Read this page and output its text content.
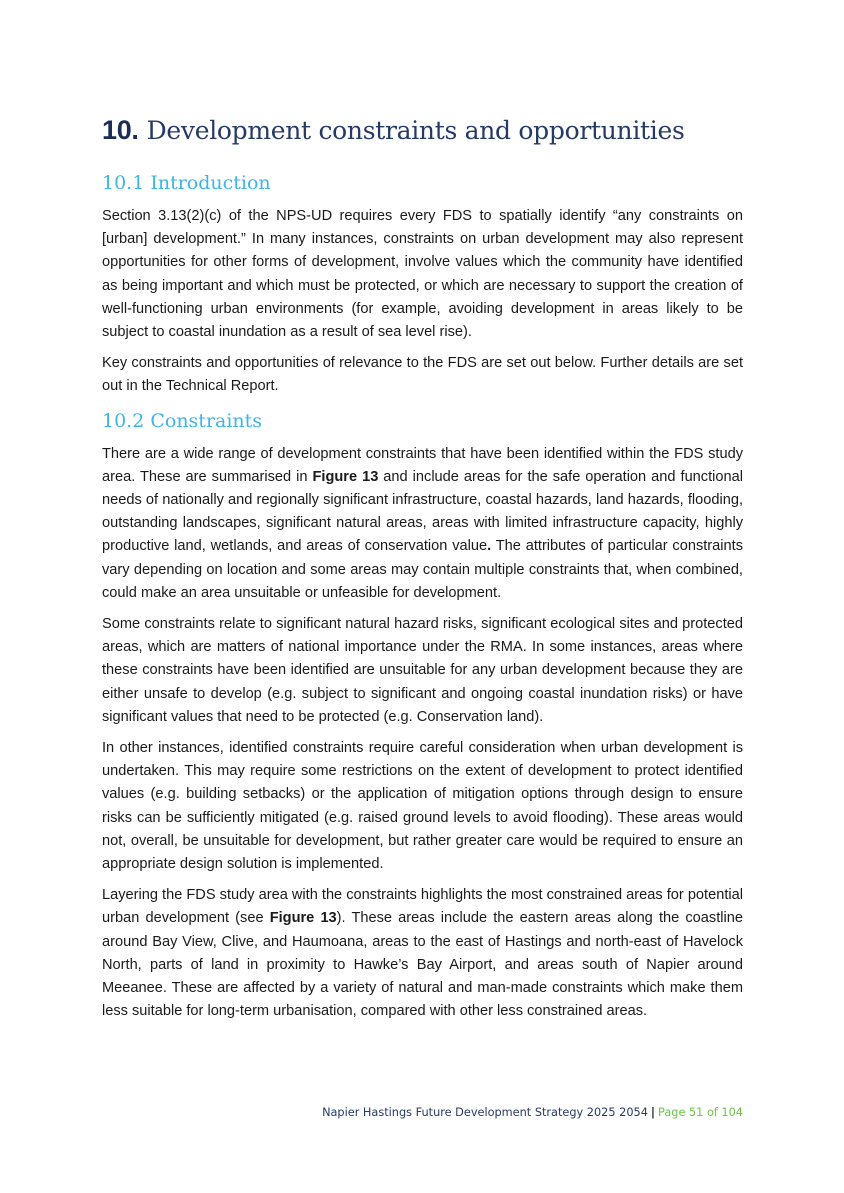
10. Development constraints and opportunities
10.1 Introduction

Section 3.13(2)(c) of the NPS-UD requires every FDS to spatially identify “any constraints on [urban] development.” In many instances, constraints on urban development may also represent opportunities for other forms of development, involve values which the community have identified as being important and which must be protected, or which are necessary to support the creation of well-functioning urban environments (for example, avoiding development in areas likely to be subject to coastal inundation as a result of sea level rise).

Key constraints and opportunities of relevance to the FDS are set out below. Further details are set out in the Technical Report.

10.2 Constraints

There are a wide range of development constraints that have been identified within the FDS study area. These are summarised in Figure 13 and include areas for the safe operation and functional needs of nationally and regionally significant infrastructure, coastal hazards, land hazards, flooding, outstanding landscapes, significant natural areas, areas with limited infrastructure capacity, highly productive land, wetlands, and areas of conservation value. The attributes of particular constraints vary depending on location and some areas may contain multiple constraints that, when combined, could make an area unsuitable or unfeasible for development.

Some constraints relate to significant natural hazard risks, significant ecological sites and protected areas, which are matters of national importance under the RMA. In some instances, areas where these constraints have been identified are unsuitable for any urban development because they are either unsafe to develop (e.g. subject to significant and ongoing coastal inundation risks) or have significant values that need to be protected (e.g. Conservation land).

In other instances, identified constraints require careful consideration when urban development is undertaken. This may require some restrictions on the extent of development to protect identified values (e.g. building setbacks) or the application of mitigation options through design to ensure risks can be sufficiently mitigated (e.g. raised ground levels to avoid flooding). These areas would not, overall, be unsuitable for development, but rather greater care would be required to ensure an appropriate design solution is implemented.

Layering the FDS study area with the constraints highlights the most constrained areas for potential urban development (see Figure 13). These areas include the eastern areas along the coastline around Bay View, Clive, and Haumoana, areas to the east of Hastings and north-east of Havelock North, parts of land in proximity to Hawke’s Bay Airport, and areas south of Napier around Meeanee. These are affected by a variety of natural and man-made constraints which make them less suitable for long-term urbanisation, compared with other less constrained areas.

Napier Hastings Future Development Strategy 2025 2054 | Page 51 of 104
